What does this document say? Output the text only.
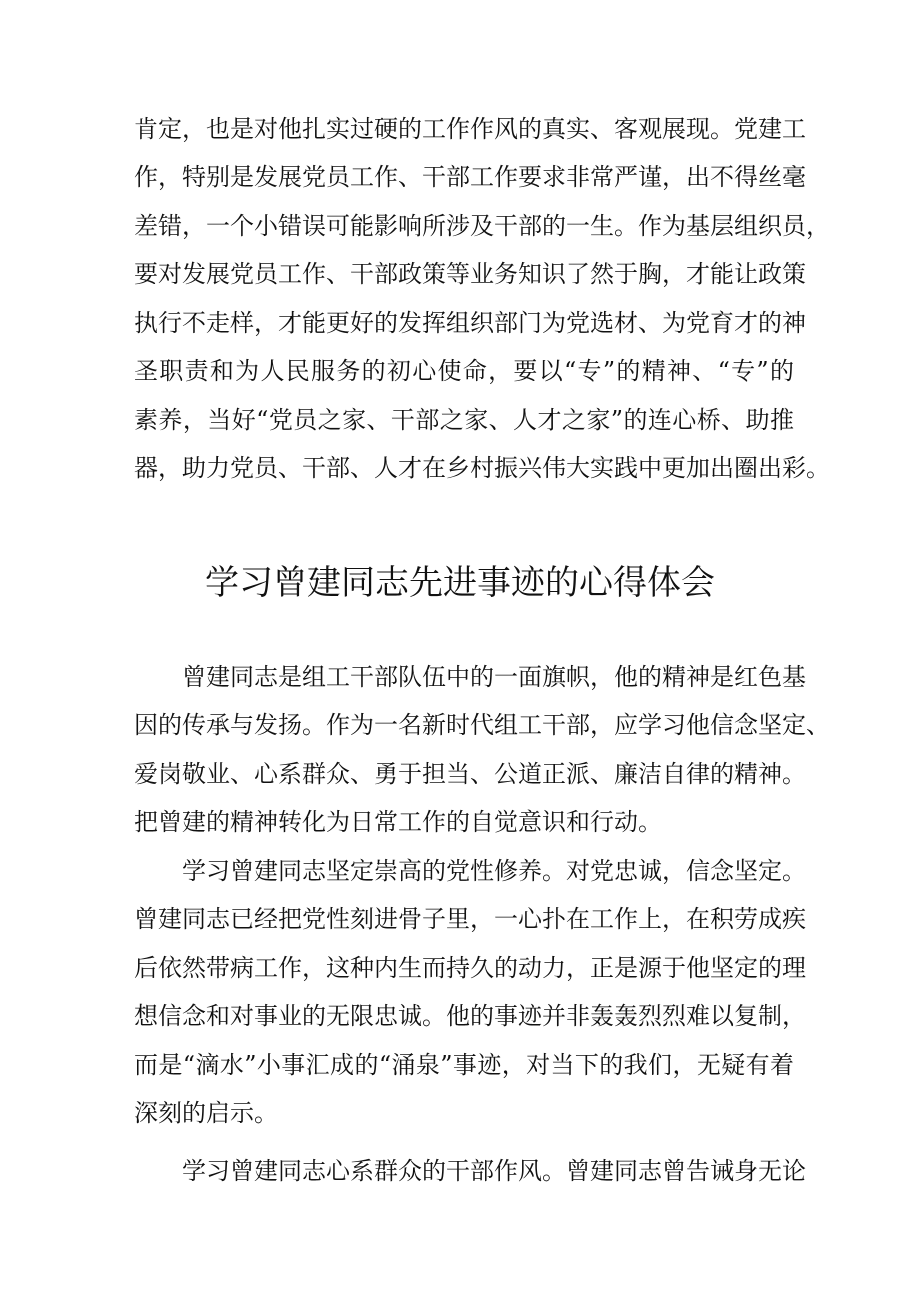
肯定，也是对他扎实过硬的工作作风的真实、客观展现。党建工
作，特别是发展党员工作、干部工作要求非常严谨，出不得丝毫
差错，一个小错误可能影响所涉及干部的一生。作为基层组织员，
要对发展党员工作、干部政策等业务知识了然于胸，才能让政策
执行不走样，才能更好的发挥组织部门为党选材、为党育才的神
圣职责和为人民服务的初心使命，要以“专”的精神、“专”的
素养，当好“党员之家、干部之家、人才之家”的连心桥、助推
器，助力党员、干部、人才在乡村振兴伟大实践中更加出圈出彩。
学习曾建同志先进事迹的心得体会
曾建同志是组工干部队伍中的一面旗帜，他的精神是红色基
因的传承与发扬。作为一名新时代组工干部，应学习他信念坚定、
爱岗敬业、心系群众、勇于担当、公道正派、廉洁自律的精神。
把曾建的精神转化为日常工作的自觉意识和行动。
学习曾建同志坚定崇高的党性修养。对党忠诚，信念坚定。
曾建同志已经把党性刻进骨子里，一心扑在工作上，在积劳成疾
后依然带病工作，这种内生而持久的动力，正是源于他坚定的理
想信念和对事业的无限忠诚。他的事迹并非轰轰烈烈难以复制，
而是“滴水”小事汇成的“涌泉”事迹，对当下的我们，无疑有着
深刻的启示。
学习曾建同志心系群众的干部作风。曾建同志曾告诫身无论
